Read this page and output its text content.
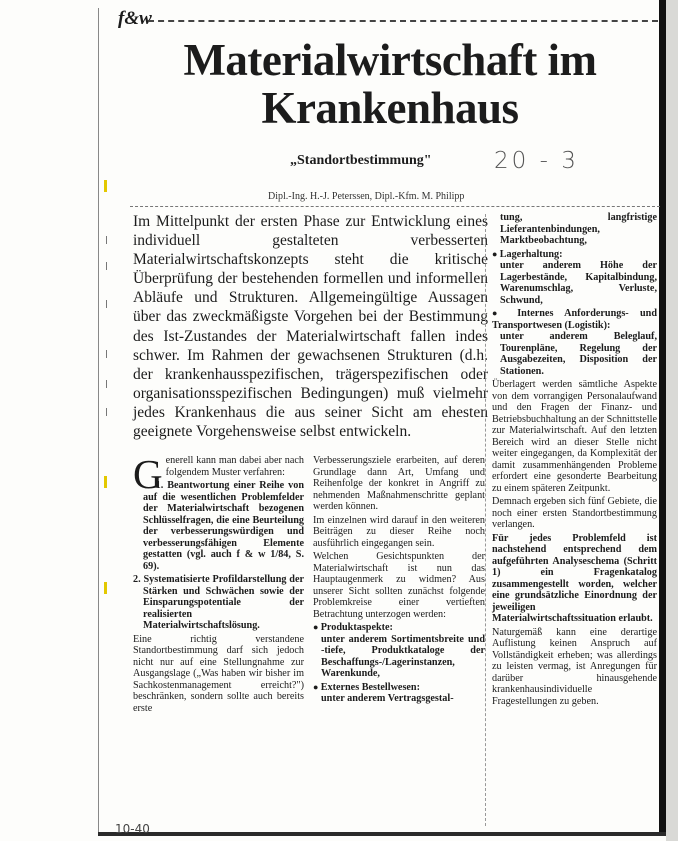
f&w
Materialwirtschaft im Krankenhaus
„Standortbestimmung"	20 - 3
Dipl.-Ing. H.-J. Peterssen, Dipl.-Kfm. M. Philipp
Im Mittelpunkt der ersten Phase zur Entwicklung eines individuell gestalteten verbesserten Materialwirtschaftskonzepts steht die kritische Überprüfung der bestehenden formellen und informellen Abläufe und Strukturen. Allgemeingültige Aussagen über das zweckmäßigste Vorgehen bei der Bestimmung des Ist-Zustandes der Materialwirtschaft fallen indes schwer. Im Rahmen der gewachsenen Strukturen (d.h. der krankenhausspezifischen, trägerspezifischen oder organisationsspezifischen Bedingungen) muß vielmehr jedes Krankenhaus die aus seiner Sicht am ehesten geeignete Vorgehensweise selbst entwickeln.

Generell kann man dabei aber nach folgendem Muster verfahren:

1. Beantwortung einer Reihe von auf die wesentlichen Problemfelder der Materialwirtschaft bezogenen Schlüsselfragen, die eine Beurteilung der verbesserungswürdigen und verbesserungsfähigen Elemente gestatten (vgl. auch f & w 1/84, S. 69).

2. Systematisierte Profildarstellung der Stärken und Schwächen sowie der Einsparungspotentiale der realisierten Materialwirtschaftslösung.

Eine richtig verstandene Standortbestimmung darf sich jedoch nicht nur auf eine Stellungnahme zur Ausgangslage („Was haben wir bisher im Sachkostenmanagement erreicht?") beschränken, sondern sollte auch bereits erste

Verbesserungsziele erarbeiten, auf deren Grundlage dann Art, Umfang und Reihenfolge der konkret in Angriff zu nehmenden Maßnahmenschritte geplant werden können.

Im einzelnen wird darauf in den weiteren Beiträgen zu dieser Reihe noch ausführlich eingegangen sein.

Welchen Gesichtspunkten der Materialwirtschaft ist nun das Hauptaugenmerk zu widmen? Aus unserer Sicht sollten zunächst folgende Problemkreise einer vertieften Betrachtung unterzogen werden:

● Produktaspekte:

unter anderem Sortimentsbreite und -tiefe, Produktkataloge der Beschaffungs-/Lagerinstanzen, Warenkunde,

● Externes Bestellwesen:

unter anderem Vertragsgestal-

tung, langfristige Lieferantenbindungen, Marktbeobachtung,

● Lagerhaltung:

unter anderem Höhe der Lagerbestände, Kapitalbindung, Warenumschlag, Verluste, Schwund,

● Internes Anforderungs- und Transportwesen (Logistik):

unter anderem Beleglauf, Tourenpläne, Regelung der Ausgabezeiten, Disposition der Stationen.

Überlagert werden sämtliche Aspekte von dem vorrangigen Personalaufwand und den Fragen der Finanz- und Betriebsbuchhaltung an der Schnittstelle zur Materialwirtschaft. Auf den letzten Bereich wird an dieser Stelle nicht weiter eingegangen, da Komplexität der damit zusammenhängenden Probleme erfordert eine gesonderte Bearbeitung zu einem späteren Zeitpunkt.

Demnach ergeben sich fünf Gebiete, die noch einer ersten Standortbestimmung verlangen.

Für jedes Problemfeld ist nachstehend entsprechend dem aufgeführten Analyseschema (Schritt 1) ein Fragenkatalog zusammengestellt worden, welcher eine grundsätzliche Einordnung der jeweiligen Materialwirtschaftssituation erlaubt.

Naturgemäß kann eine derartige Auflistung keinen Anspruch auf Vollständigkeit erheben; was allerdings zu leisten vermag, ist Anregungen für darüber hinausgehende krankenhausindividuelle Fragestellungen zu geben.

10-40
